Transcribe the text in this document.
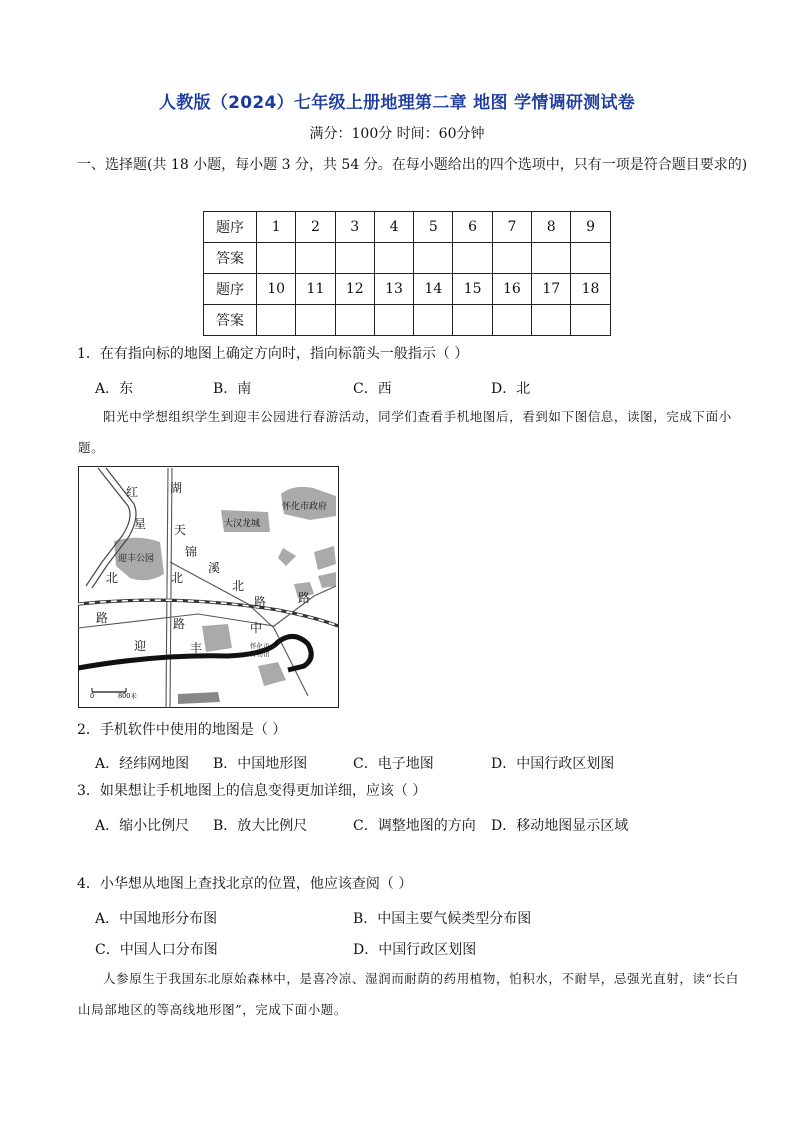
人教版（2024）七年级上册地理第二章 地图 学情调研测试卷
满分：100分 时间：60分钟
一、选择题(共 18 小题，每小题 3 分，共 54 分。在每小题给出的四个选项中，只有一项是符合题目要求的)
题序	1	2	3	4	5	6	7	8	9
答案									
题序	10	11	12	13	14	15	16	17	18
答案									
1．在有指向标的地图上确定方向时，指向标箭头一般指示（ ）
A．东	B．南	C．西	D．北
阳光中学想组织学生到迎丰公园进行春游活动，同学们查看手机地图后，看到如下图信息，读图，完成下面小题。
0	800米
红
星
北
路
湖
天
北
路
锦
溪
北
路	路
迎	丰
中
迎丰公园
大汉龙城
怀化市政府
怀化市
博物馆
2．手机软件中使用的地图是（ ）
A．经纬网地图 B．中国地形图	C．电子地图	D．中国行政区划图
3．如果想让手机地图上的信息变得更加详细，应该（ ）
A．缩小比例尺 B．放大比例尺	C．调整地图的方向 D．移动地图显示区域
4．小华想从地图上查找北京的位置，他应该查阅（ ）
A．中国地形分布图	B．中国主要气候类型分布图
C．中国人口分布图	D．中国行政区划图
人参原生于我国东北原始森林中，是喜冷凉、湿润而耐荫的药用植物，怕积水，不耐旱，忌强光直射，读“长白山局部地区的等高线地形图”，完成下面小题。
